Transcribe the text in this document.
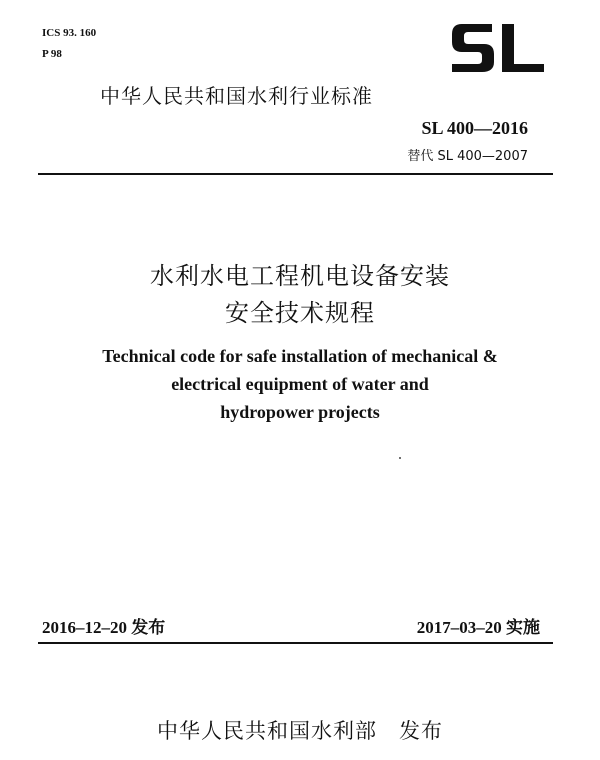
ICS 93. 160
P 98
中华人民共和国水利行业标准
SL 400—2016
替代 SL 400—2007
水利水电工程机电设备安装
安全技术规程
Technical code for safe installation of mechanical &
electrical equipment of water and
hydropower projects
2016–12–20 发布	2017–03–20 实施
中华人民共和国水利部　发布
